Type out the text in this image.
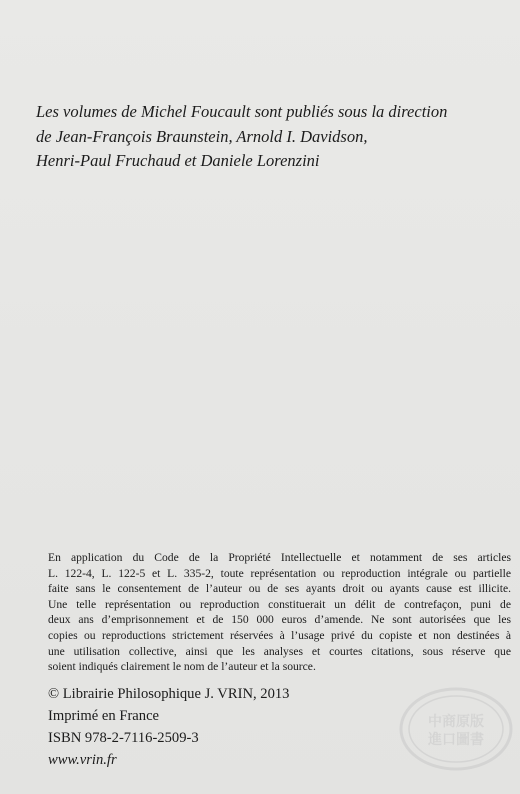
Les volumes de Michel Foucault sont publiés sous la direction
de Jean-François Braunstein, Arnold I. Davidson,
Henri-Paul Fruchaud et Daniele Lorenzini
En application du Code de la Propriété Intellectuelle et notamment de ses articles
L. 122-4, L. 122-5 et L. 335-2, toute représentation ou reproduction intégrale ou partielle
faite sans le consentement de l’auteur ou de ses ayants droit ou ayants cause est illicite.
Une telle représentation ou reproduction constituerait un délit de contrefaçon, puni de
deux ans d’emprisonnement et de 150 000 euros d’amende. Ne sont autorisées que les
copies ou reproductions strictement réservées à l’usage privé du copiste et non destinées à
une utilisation collective, ainsi que les analyses et courtes citations, sous réserve que
soient indiqués clairement le nom de l’auteur et la source.
© Librairie Philosophique J. VRIN, 2013
Imprimé en France
ISBN 978-2-7116-2509-3
www.vrin.fr
中商原版
進口圖書
